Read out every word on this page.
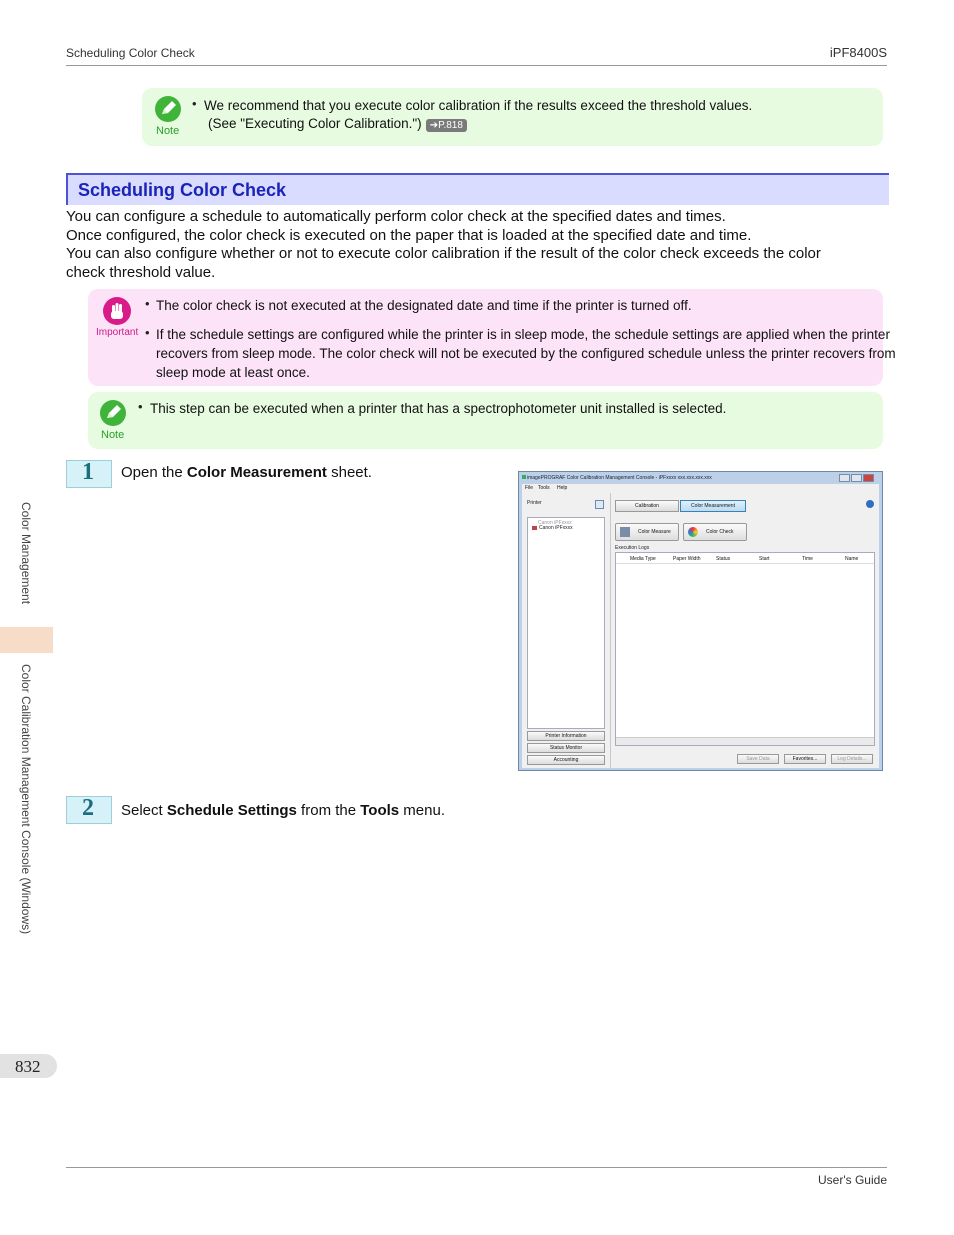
Scheduling Color Check	iPF8400S
Note
• We recommend that you execute color calibration if the results exceed the threshold values.
(See "Executing Color Calibration.") ➔P.818
Scheduling Color Check
You can configure a schedule to automatically perform color check at the specified dates and times.
Once configured, the color check is executed on the paper that is loaded at the specified date and time.
You can also configure whether or not to execute color calibration if the result of the color check exceeds the color
check threshold value.
Important
• The color check is not executed at the designated date and time if the printer is turned off.
• If the schedule settings are configured while the printer is in sleep mode, the schedule settings are applied when the printer
recovers from sleep mode. The color check will not be executed by the configured schedule unless the printer recovers from
sleep mode at least once.
Note
• This step can be executed when a printer that has a spectrophotometer unit installed is selected.
1 Open the Color Measurement sheet.	imagePROGRAF Color Calibration Management Console - iPFxxxx xxx.xxx.xxx.xxx
File Tools Help
Printer
Canon iPFxxxx
Canon iPFxxxx
Printer Information
Status Monitor
Accounting
Calibration	Color Measurement
Color Measure	Color Check
Execution Logs
Media Type	Paper Width	Status	Start	Time	Name
Save Data	Favorites...	Log Details...
2 Select Schedule Settings from the Tools menu.
Color Management
Color Calibration Management Console (Windows)
832
User's Guide
